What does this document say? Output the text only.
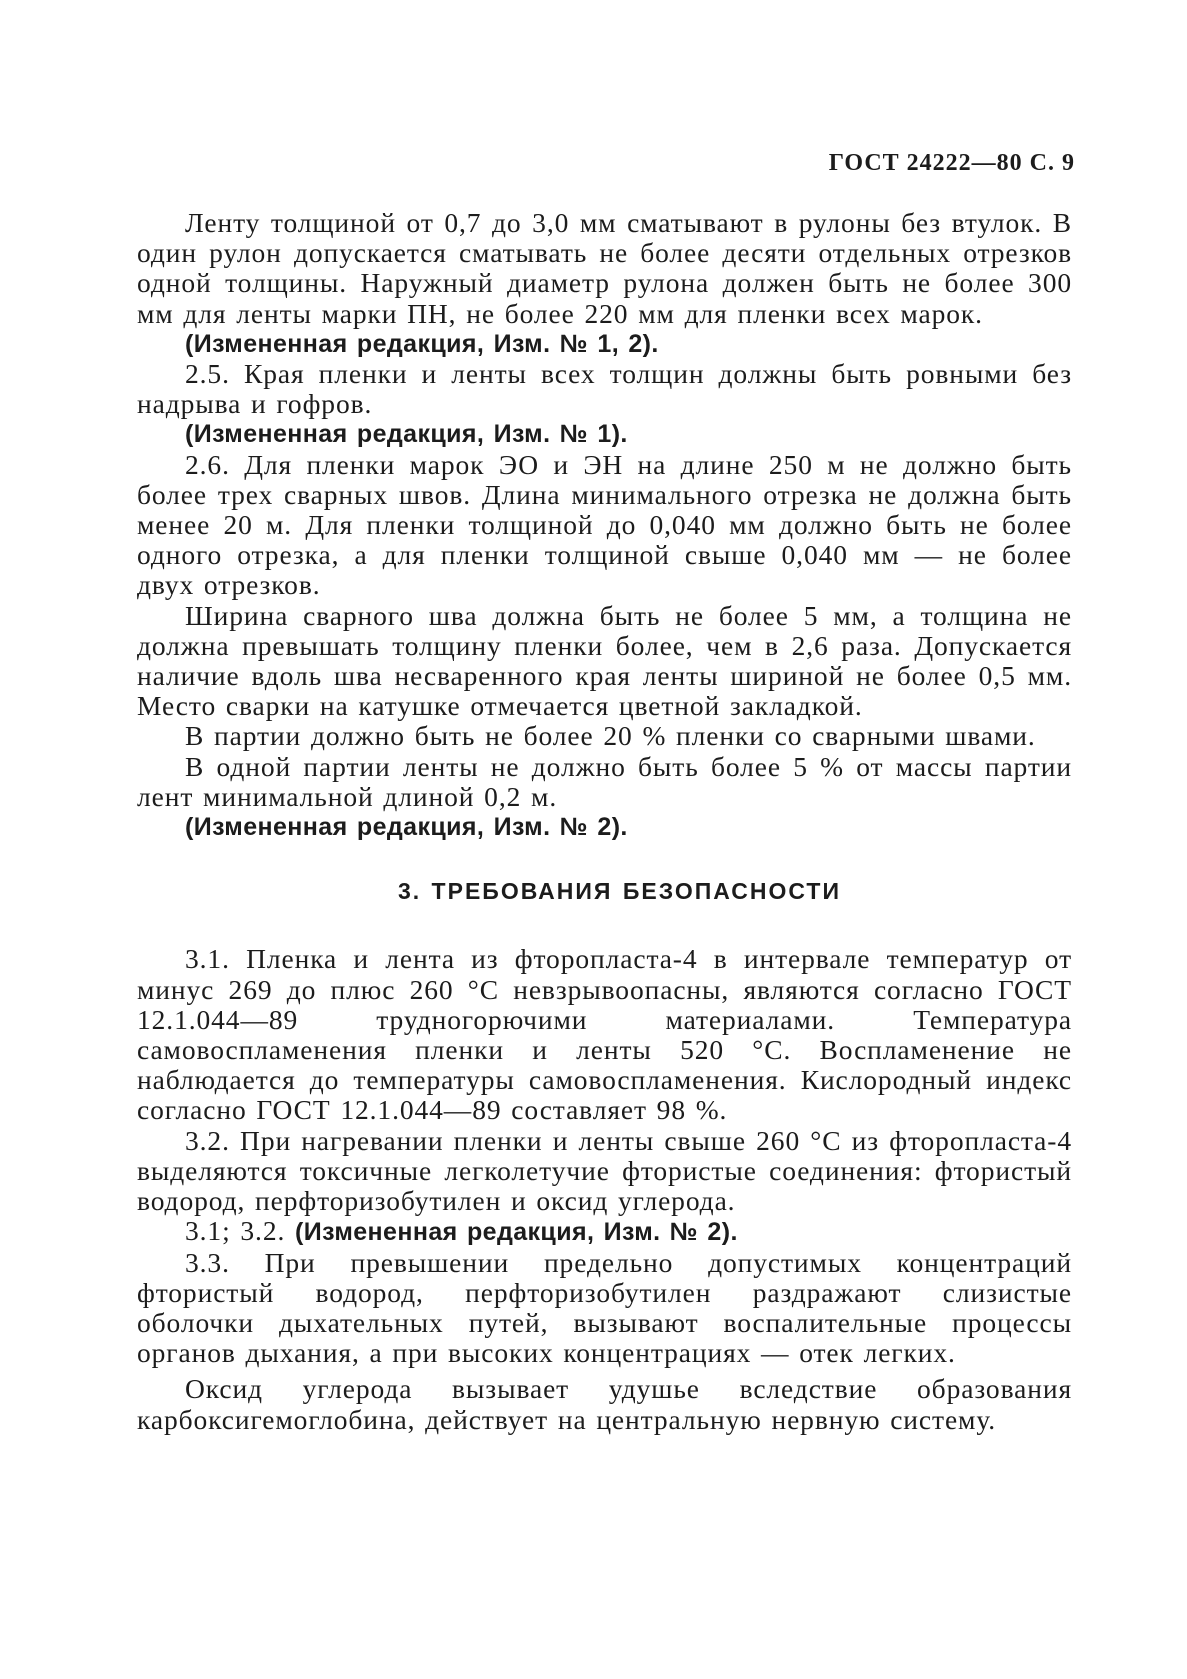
ГОСТ 24222—80 С. 9

Ленту толщиной от 0,7 до 3,0 мм сматывают в рулоны без втулок. В один рулон допускается сматывать не более десяти отдельных отрезков одной толщины. Наружный диаметр рулона должен быть не более 300 мм для ленты марки ПН, не более 220 мм для пленки всех марок.

(Измененная редакция, Изм. № 1, 2).

2.5. Края пленки и ленты всех толщин должны быть ровными без надрыва и гофров.

(Измененная редакция, Изм. № 1).

2.6. Для пленки марок ЭО и ЭН на длине 250 м не должно быть более трех сварных швов. Длина минимального отрезка не должна быть менее 20 м. Для пленки толщиной до 0,040 мм должно быть не более одного отрезка, а для пленки толщиной свыше 0,040 мм — не более двух отрезков.

Ширина сварного шва должна быть не более 5 мм, а толщина не должна превышать толщину пленки более, чем в 2,6 раза. Допускается наличие вдоль шва несваренного края ленты шириной не более 0,5 мм. Место сварки на катушке отмечается цветной закладкой.

В партии должно быть не более 20 % пленки со сварными швами.

В одной партии ленты не должно быть более 5 % от массы партии лент минимальной длиной 0,2 м.

(Измененная редакция, Изм. № 2).

3. ТРЕБОВАНИЯ БЕЗОПАСНОСТИ

3.1. Пленка и лента из фторопласта-4 в интервале температур от минус 269 до плюс 260 °С невзрывоопасны, являются согласно ГОСТ 12.1.044—89 трудногорючими материалами. Температура самовоспламенения пленки и ленты 520 °С. Воспламенение не наблюдается до температуры самовоспламенения. Кислородный индекс согласно ГОСТ 12.1.044—89 составляет 98 %.

3.2. При нагревании пленки и ленты свыше 260 °С из фторопласта-4 выделяются токсичные легколетучие фтористые соединения: фтористый водород, перфторизобутилен и оксид углерода.

3.1; 3.2. (Измененная редакция, Изм. № 2).

3.3. При превышении предельно допустимых концентраций фтористый водород, перфторизобутилен раздражают слизистые оболочки дыхательных путей, вызывают воспалительные процессы органов дыхания, а при высоких концентрациях — отек легких.

Оксид углерода вызывает удушье вследствие образования карбоксигемоглобина, действует на центральную нервную систему.
